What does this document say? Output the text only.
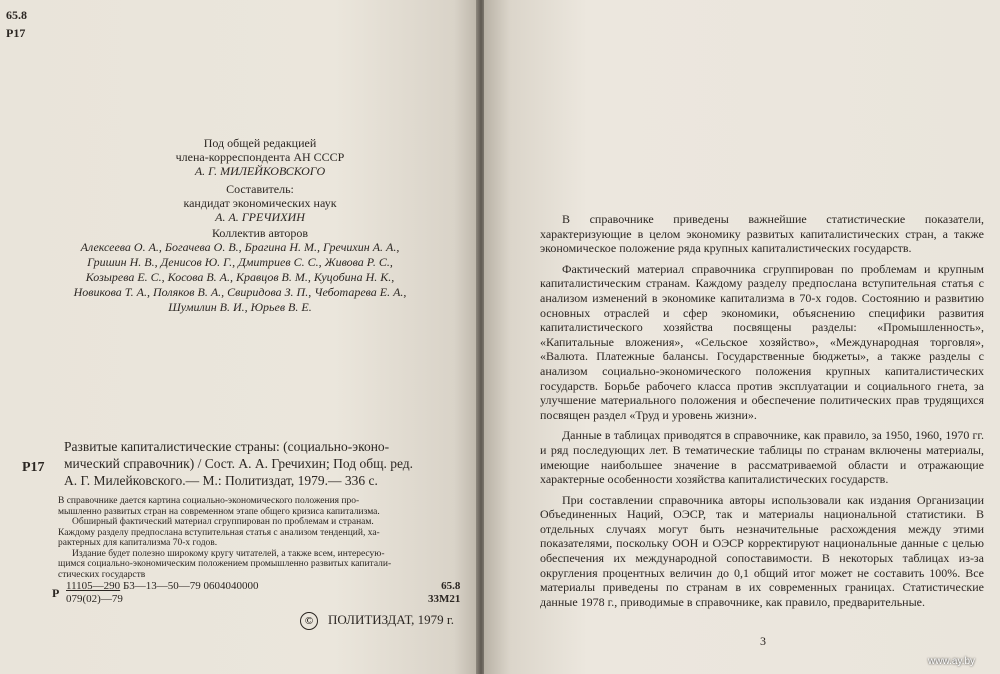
65.8
Р17
Под общей редакцией
члена-корреспондента АН СССР
А. Г. МИЛЕЙКОВСКОГО
Составитель:
кандидат экономических наук
А. А. ГРЕЧИХИН
Коллектив авторов
Алексеева О. А., Богачева О. В., Брагина Н. М., Гречихин А. А.,
Гришин Н. В., Денисов Ю. Г., Дмитриев С. С., Живова Р. С.,
Козырева Е. С., Косова В. А., Кравцов В. М., Куцобина Н. К.,
Новикова Т. А., Поляков В. А., Свиридова З. П., Чеботарева Е. А.,
Шумилин В. И., Юрьев В. Е.
Р17
Развитые капиталистические страны: (социально-эконо-
мический справочник) / Сост. А. А. Гречихин; Под общ. ред.
А. Г. Милейковского.— М.: Политиздат, 1979.— 336 с.
В справочнике дается картина социально-экономического положения про-
мышленно развитых стран на современном этапе общего кризиса капитализма.
Обширный фактический материал сгруппирован по проблемам и странам.
Каждому разделу предпослана вступительная статья с анализом тенденций, ха-
рактерных для капитализма 70-х годов.
Издание будет полезно широкому кругу читателей, а также всем, интересую-
щимся социально-экономическим положением промышленно развитых капитали-
стических государств
Р 11105—290 Б3—13—50—79 0604040000
079(02)—79
65.8
33М21
© ПОЛИТИЗДАТ, 1979 г.

В справочнике приведены важнейшие статистические показатели, характеризующие в целом экономику развитых капиталистических стран, а также экономическое положение ряда крупных капиталистических государств.

Фактический материал справочника сгруппирован по проблемам и крупным капиталистическим странам. Каждому разделу предпослана вступительная статья с анализом изменений в экономике капитализма в 70-х годов. Состоянию и развитию основных отраслей и сфер экономики, объяснению специфики развития капиталистического хозяйства посвящены разделы: «Промышленность», «Капитальные вложения», «Сельское хозяйство», «Международная торговля», «Валюта. Платежные балансы. Государственные бюджеты», а также разделы с анализом социально-экономического положения крупных капиталистических государств. Борьбе рабочего класса против эксплуатации и социального гнета, за улучшение материального положения и обеспечение политических прав трудящихся посвящен раздел «Труд и уровень жизни».

Данные в таблицах приводятся в справочнике, как правило, за 1950, 1960, 1970 гг. и ряд последующих лет. В тематические таблицы по странам включены материалы, имеющие наибольшее значение в рассматриваемой области и отражающие характерные особенности хозяйства капиталистических государств.

При составлении справочника авторы использовали как издания Организации Объединенных Наций, ОЭСР, так и материалы национальной статистики. В отдельных случаях могут быть незначительные расхождения между этими показателями, поскольку ООН и ОЭСР корректируют национальные данные с целью обеспечения их международной сопоставимости. В некоторых таблицах из-за округления процентных величин до 0,1 общий итог может не составить 100%. Все материалы приведены по странам в их современных границах. Статистические данные 1978 г., приводимые в справочнике, как правило, предварительные.

3
www.ay.by
